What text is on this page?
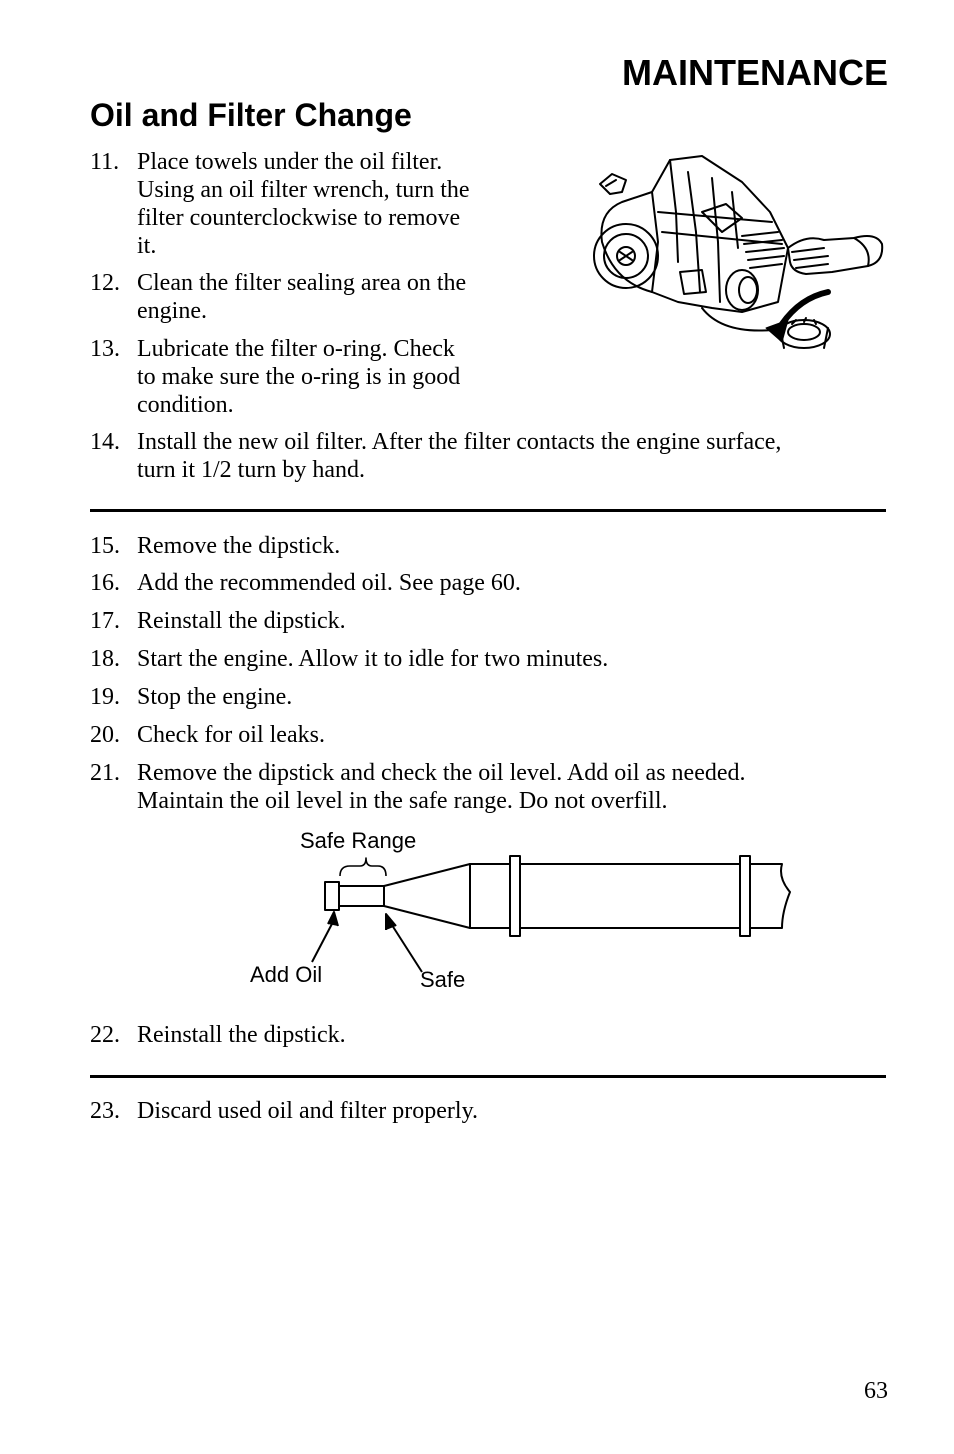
MAINTENANCE
Oil and Filter Change
11. Place towels under the oil filter.
Using an oil filter wrench, turn the
filter counterclockwise to remove
it.
12. Clean the filter sealing area on the
engine.
13. Lubricate the filter o-ring. Check
to make sure the o-ring is in good
condition.
14. Install the new oil filter. After the filter contacts the engine surface,
turn it 1/2 turn by hand.
15. Remove the dipstick.
16. Add the recommended oil. See page 60.
17. Reinstall the dipstick.
18. Start the engine. Allow it to idle for two minutes.
19. Stop the engine.
20. Check for oil leaks.
21. Remove the dipstick and check the oil level. Add oil as needed.
Maintain the oil level in the safe range. Do not overfill.
22. Reinstall the dipstick.
23. Discard used oil and filter properly.
Safe Range
Add Oil	Safe
63
